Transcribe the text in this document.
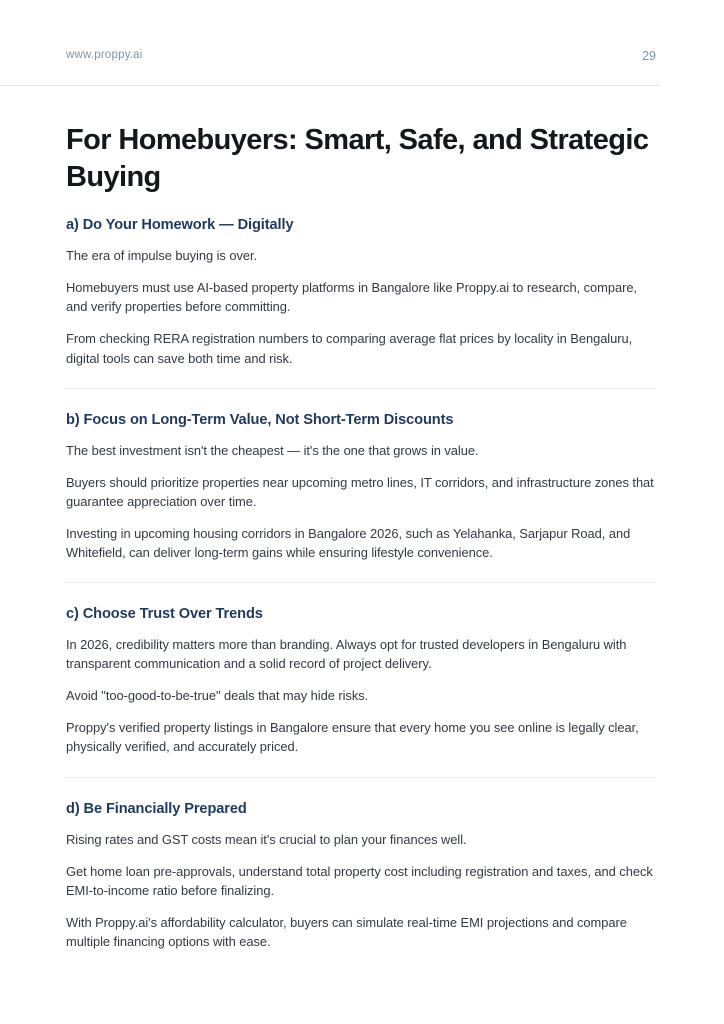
www.proppy.ai	29
For Homebuyers: Smart, Safe, and Strategic Buying
a) Do Your Homework — Digitally

The era of impulse buying is over.

Homebuyers must use AI-based property platforms in Bangalore like Proppy.ai to research, compare, and verify properties before committing.

From checking RERA registration numbers to comparing average flat prices by locality in Bengaluru, digital tools can save both time and risk.

b) Focus on Long-Term Value, Not Short-Term Discounts

The best investment isn't the cheapest — it's the one that grows in value.

Buyers should prioritize properties near upcoming metro lines, IT corridors, and infrastructure zones that guarantee appreciation over time.

Investing in upcoming housing corridors in Bangalore 2026, such as Yelahanka, Sarjapur Road, and Whitefield, can deliver long-term gains while ensuring lifestyle convenience.

c) Choose Trust Over Trends

In 2026, credibility matters more than branding. Always opt for trusted developers in Bengaluru with transparent communication and a solid record of project delivery.

Avoid "too-good-to-be-true" deals that may hide risks.

Proppy's verified property listings in Bangalore ensure that every home you see online is legally clear, physically verified, and accurately priced.

d) Be Financially Prepared

Rising rates and GST costs mean it's crucial to plan your finances well.

Get home loan pre-approvals, understand total property cost including registration and taxes, and check EMI-to-income ratio before finalizing.

With Proppy.ai's affordability calculator, buyers can simulate real-time EMI projections and compare multiple financing options with ease.
